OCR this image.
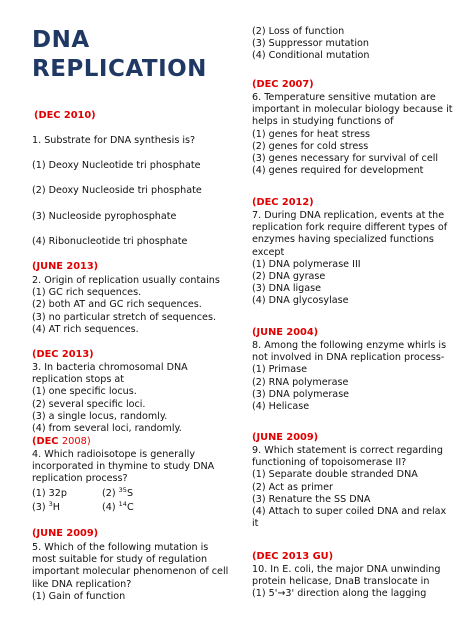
DNA
REPLICATION
(DEC 2010)
1. Substrate for DNA synthesis is?
(1) Deoxy Nucleotide tri phosphate
(2) Deoxy Nucleoside tri phosphate
(3) Nucleoside pyrophosphate
(4) Ribonucleotide tri phosphate
(JUNE 2013)
2. Origin of replication usually contains
(1) GC rich sequences.
(2) both AT and GC rich sequences.
(3) no particular stretch of sequences.
(4) AT rich sequences.
(DEC 2013)
3. In bacteria chromosomal DNA
replication stops at
(1) one specific locus.
(2) several specific loci.
(3) a single locus, randomly.
(4) from several loci, randomly.
(DEC 2008)
4. Which radioisotope is generally
incorporated in thymine to study DNA
replication process?
(1) 32p	(2) $^{35}$S
(3) $^3$H	(4) $^{14}$C
(JUNE 2009)
5. Which of the following mutation is
most suitable for study of regulation
important molecular phenomenon of cell
like DNA replication?
(1) Gain of function
(2) Loss of function
(3) Suppressor mutation
(4) Conditional mutation
(DEC 2007)
6. Temperature sensitive mutation are
important in molecular biology because it
helps in studying functions of
(1) genes for heat stress
(2) genes for cold stress
(3) genes necessary for survival of cell
(4) genes required for development
(DEC 2012)
7. During DNA replication, events at the
replication fork require different types of
enzymes having specialized functions
except
(1) DNA polymerase III
(2) DNA gyrase
(3) DNA ligase
(4) DNA glycosylase
(JUNE 2004)
8. Among the following enzyme whirls is
not involved in DNA replication process-
(1) Primase
(2) RNA polymerase
(3) DNA polymerase
(4) Helicase
(JUNE 2009)
9. Which statement is correct regarding
functioning of topoisomerase II?
(1) Separate double stranded DNA
(2) Act as primer
(3) Renature the SS DNA
(4) Attach to super coiled DNA and relax
it
(DEC 2013 GU)
10. In E. coli, the major DNA unwinding
protein helicase, DnaB translocate in
(1) 5'→3' direction along the lagging
